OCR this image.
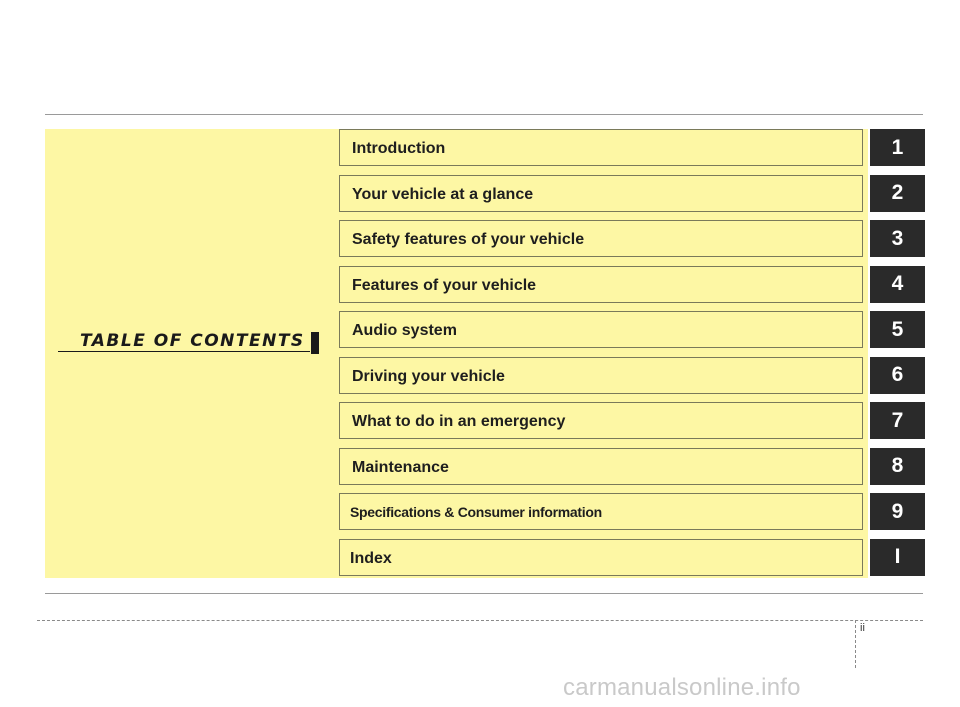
TABLE OF CONTENTS
Introduction	1
Your vehicle at a glance	2
Safety features of your vehicle	3
Features of your vehicle	4
Audio system	5
Driving your vehicle	6
What to do in an emergency	7
Maintenance	8
Specifications & Consumer information	9
Index	I
ii
carmanualsonline.info
